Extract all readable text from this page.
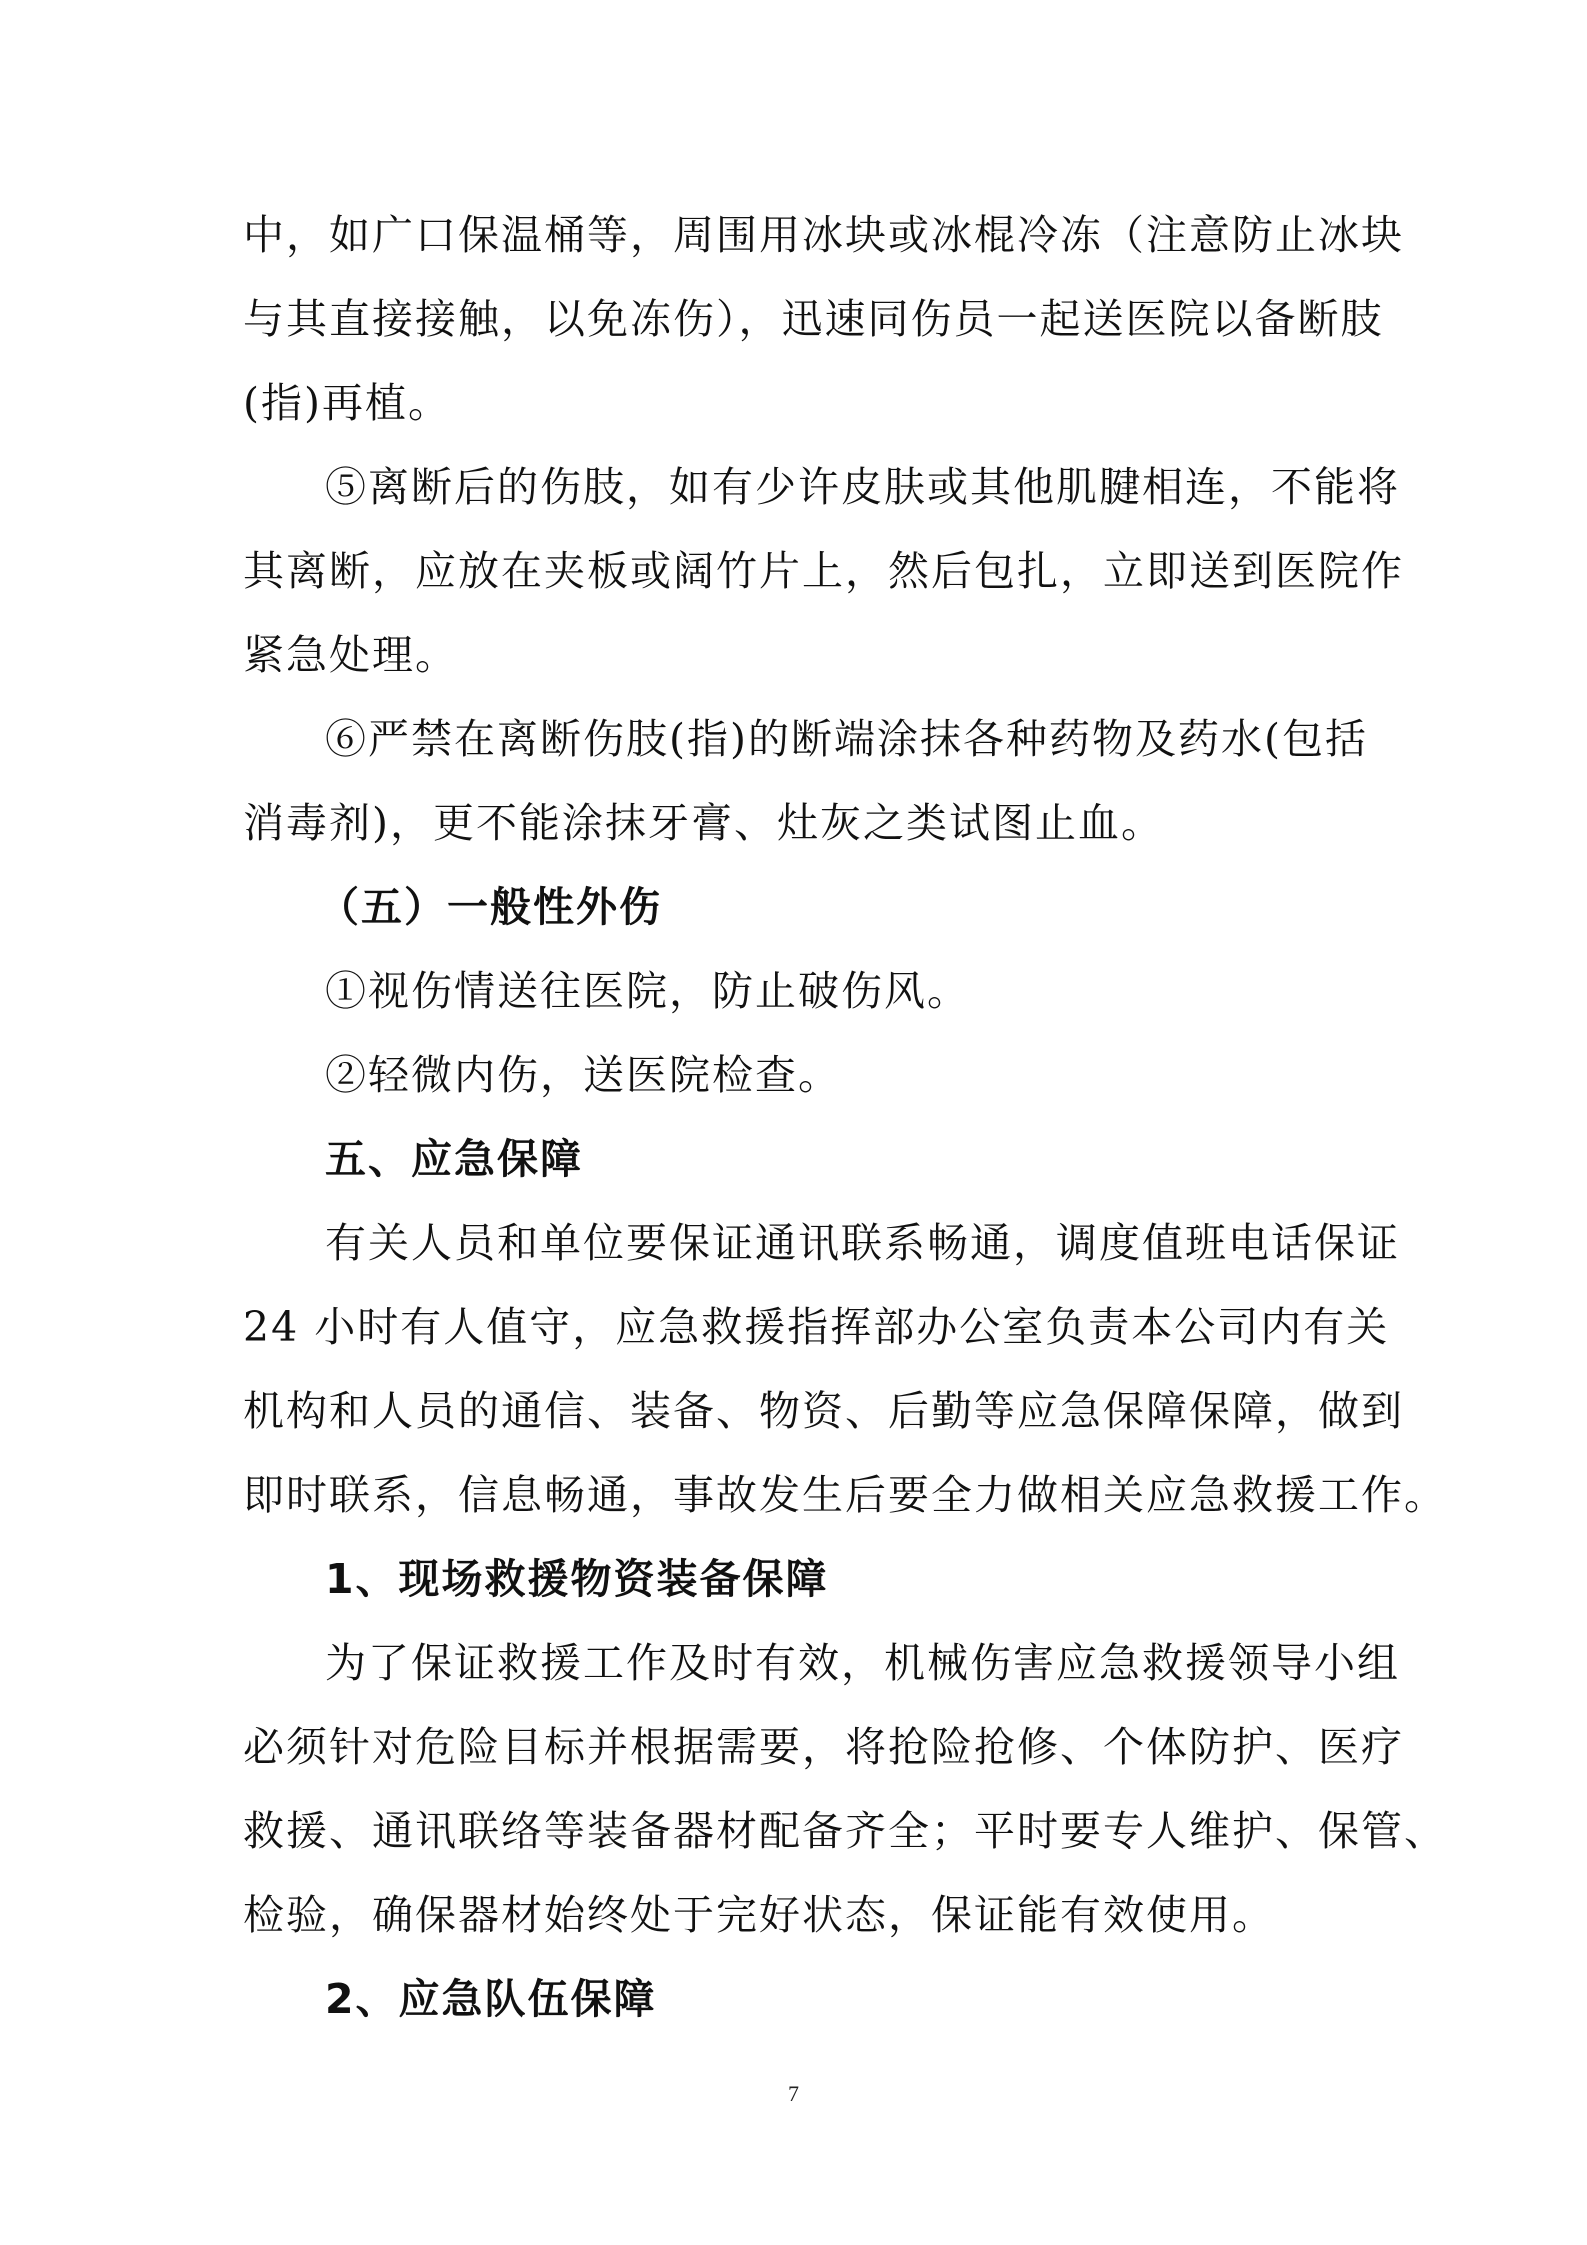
中，如广口保温桶等，周围用冰块或冰棍冷冻（注意防止冰块

与其直接接触，以免冻伤），迅速同伤员一起送医院以备断肢

(指)再植。

⑤离断后的伤肢，如有少许皮肤或其他肌腱相连，不能将

其离断，应放在夹板或阔竹片上，然后包扎，立即送到医院作

紧急处理。

⑥严禁在离断伤肢(指)的断端涂抹各种药物及药水(包括

消毒剂)，更不能涂抹牙膏、灶灰之类试图止血。

（五）一般性外伤

①视伤情送往医院，防止破伤风。

②轻微内伤，送医院检查。

五、应急保障

有关人员和单位要保证通讯联系畅通，调度值班电话保证

24 小时有人值守，应急救援指挥部办公室负责本公司内有关

机构和人员的通信、装备、物资、后勤等应急保障保障，做到

即时联系，信息畅通，事故发生后要全力做相关应急救援工作。

1、现场救援物资装备保障

为了保证救援工作及时有效，机械伤害应急救援领导小组

必须针对危险目标并根据需要，将抢险抢修、个体防护、医疗

救援、通讯联络等装备器材配备齐全；平时要专人维护、保管、

检验，确保器材始终处于完好状态，保证能有效使用。

2、应急队伍保障

7
